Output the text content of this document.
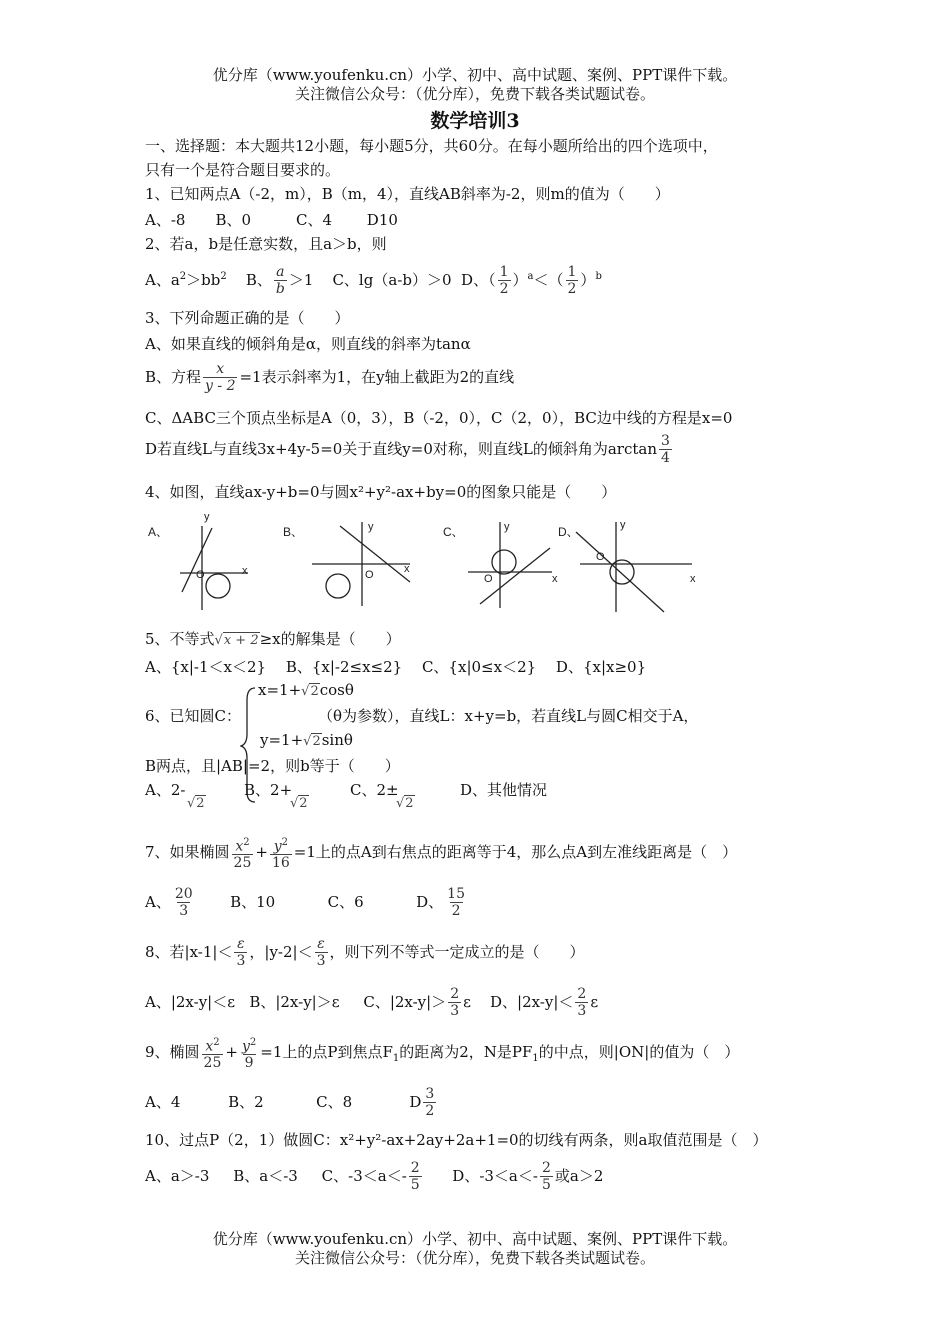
优分库（www.youfenku.cn）小学、初中、高中试题、案例、PPT课件下载。
关注微信公众号：（优分库），免费下载各类试题试卷。
数学培训3
一、选择题：本大题共12小题，每小题5分，共60分。在每小题所给出的四个选项中，
只有一个是符合题目要求的。
1、已知两点A（-2，m），B（m，4），直线AB斜率为-2，则m的值为（　　）
A、-8　　B、0　　　C、4　　 D10
2、若a，b是任意实数，且a＞b，则
A、$a^2>bb^2$ B、 $\frac{a}{b} >1$ C、lg（a-b）＞0 D、（ $\frac{1}{2} )^a<( \frac{1}{2} )^b$
3、下列命题正确的是（　　）
A、如果直线的倾斜角是α，则直线的斜率为tanα
B、方程 $\frac{x}{y - 2} =1$表示斜率为1，在y轴上截距为2的直线
C、ΔABC三个顶点坐标是A（0，3），B（-2，0），C（2，0），BC边中线的方程是x=0
D若直线L与直线3x+4y-5=0关于直线y=0对称，则直线L的倾斜角为$\arctan \frac{3}{4}$
4、如图，直线ax-y+b=0与圆x²+y²-ax+by=0的图象只能是（　　）
A、
x
y
O
B、
x
y
O
C、
x
y
O
D、
x
y
O
5、不等式√x + 2≥x的解集是（　　）
A、{x|-1＜x＜2}　 B、{x|-2≤x≤2}　 C、{x|0≤x＜2}　 D、{x|x≥0}
x=1+√2cosθ
6、已知圆C：	（θ为参数），直线L：x+y=b，若直线L与圆C相交于A，
y=1+√2sinθ
B两点，且|AB|=2，则b等于（　　）
A、2-
√2
B、2+
√2
C、2±
√2
D、其他情况
7、如果椭圆 $\frac{x^2}{25} + \frac{y^2}{16} =1$上的点A到右焦点的距离等于4，那么点A到左准线距离是（　）
A、 $\frac{20}{3}$ B、10	C、6	D、 $\frac{15}{2}$
8、若$|x-1|< \frac{\varepsilon}{3}$ ，$|y-2|< \frac{\varepsilon}{3}$ ，则下列不等式一定成立的是（　　）
A、|2x-y|＜ε B、|2x-y|＞ε C、$|2x-y|> \frac{2}{3}$ ε D、$|2x-y|< \frac{2}{3}$ ε
9、椭圆 $\frac{x^2}{25} + \frac{y^2}{9} =1$上的点P到焦点$F_1$的距离为2，N是$PF_1$的中点，则|ON|的值为（　）
A、4	B、2	C、8	D $\frac{3}{2}$
10、过点P（2，1）做圆C：x²+y²-ax+2ay+2a+1=0的切线有两条，则a取值范围是（　）
A、a＞-3 B、a＜-3 C、$-3<a<- \frac{2}{5}$ D、$-3<a<- \frac{2}{5}$ 或a＞2
优分库（www.youfenku.cn）小学、初中、高中试题、案例、PPT课件下载。
关注微信公众号：（优分库），免费下载各类试题试卷。
